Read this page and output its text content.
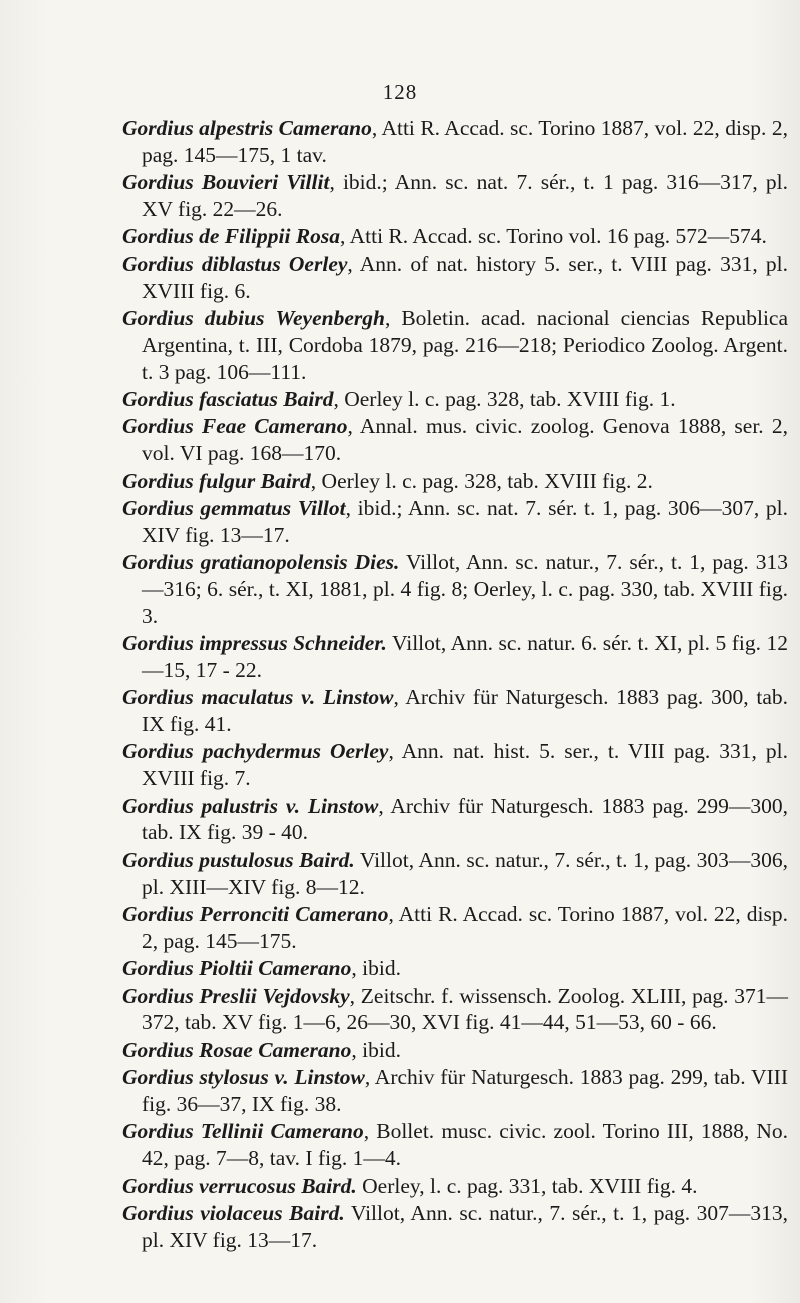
128
Gordius alpestris Camerano, Atti R. Accad. sc. Torino 1887, vol. 22, disp. 2, pag. 145—175, 1 tav.
Gordius Bouvieri Villit, ibid.; Ann. sc. nat. 7. sér., t. 1 pag. 316—317, pl. XV fig. 22—26.
Gordius de Filippii Rosa, Atti R. Accad. sc. Torino vol. 16 pag. 572—574.
Gordius diblastus Oerley, Ann. of nat. history 5. ser., t. VIII pag. 331, pl. XVIII fig. 6.
Gordius dubius Weyenbergh, Boletin. acad. nacional ciencias Republica Argentina, t. III, Cordoba 1879, pag. 216—218; Periodico Zoolog. Argent. t. 3 pag. 106—111.
Gordius fasciatus Baird, Oerley l. c. pag. 328, tab. XVIII fig. 1.
Gordius Feae Camerano, Annal. mus. civic. zoolog. Genova 1888, ser. 2, vol. VI pag. 168—170.
Gordius fulgur Baird, Oerley l. c. pag. 328, tab. XVIII fig. 2.
Gordius gemmatus Villot, ibid.; Ann. sc. nat. 7. sér. t. 1, pag. 306—307, pl. XIV fig. 13—17.
Gordius gratianopolensis Dies. Villot, Ann. sc. natur., 7. sér., t. 1, pag. 313—316; 6. sér., t. XI, 1881, pl. 4 fig. 8; Oerley, l. c. pag. 330, tab. XVIII fig. 3.
Gordius impressus Schneider. Villot, Ann. sc. natur. 6. sér. t. XI, pl. 5 fig. 12—15, 17 - 22.
Gordius maculatus v. Linstow, Archiv für Naturgesch. 1883 pag. 300, tab. IX fig. 41.
Gordius pachydermus Oerley, Ann. nat. hist. 5. ser., t. VIII pag. 331, pl. XVIII fig. 7.
Gordius palustris v. Linstow, Archiv für Naturgesch. 1883 pag. 299—300, tab. IX fig. 39 - 40.
Gordius pustulosus Baird. Villot, Ann. sc. natur., 7. sér., t. 1, pag. 303—306, pl. XIII—XIV fig. 8—12.
Gordius Perronciti Camerano, Atti R. Accad. sc. Torino 1887, vol. 22, disp. 2, pag. 145—175.
Gordius Pioltii Camerano, ibid.
Gordius Preslii Vejdovsky, Zeitschr. f. wissensch. Zoolog. XLIII, pag. 371—372, tab. XV fig. 1—6, 26—30, XVI fig. 41—44, 51—53, 60 - 66.
Gordius Rosae Camerano, ibid.
Gordius stylosus v. Linstow, Archiv für Naturgesch. 1883 pag. 299, tab. VIII fig. 36—37, IX fig. 38.
Gordius Tellinii Camerano, Bollet. musc. civic. zool. Torino III, 1888, No. 42, pag. 7—8, tav. I fig. 1—4.
Gordius verrucosus Baird. Oerley, l. c. pag. 331, tab. XVIII fig. 4.
Gordius violaceus Baird. Villot, Ann. sc. natur., 7. sér., t. 1, pag. 307—313, pl. XIV fig. 13—17.
